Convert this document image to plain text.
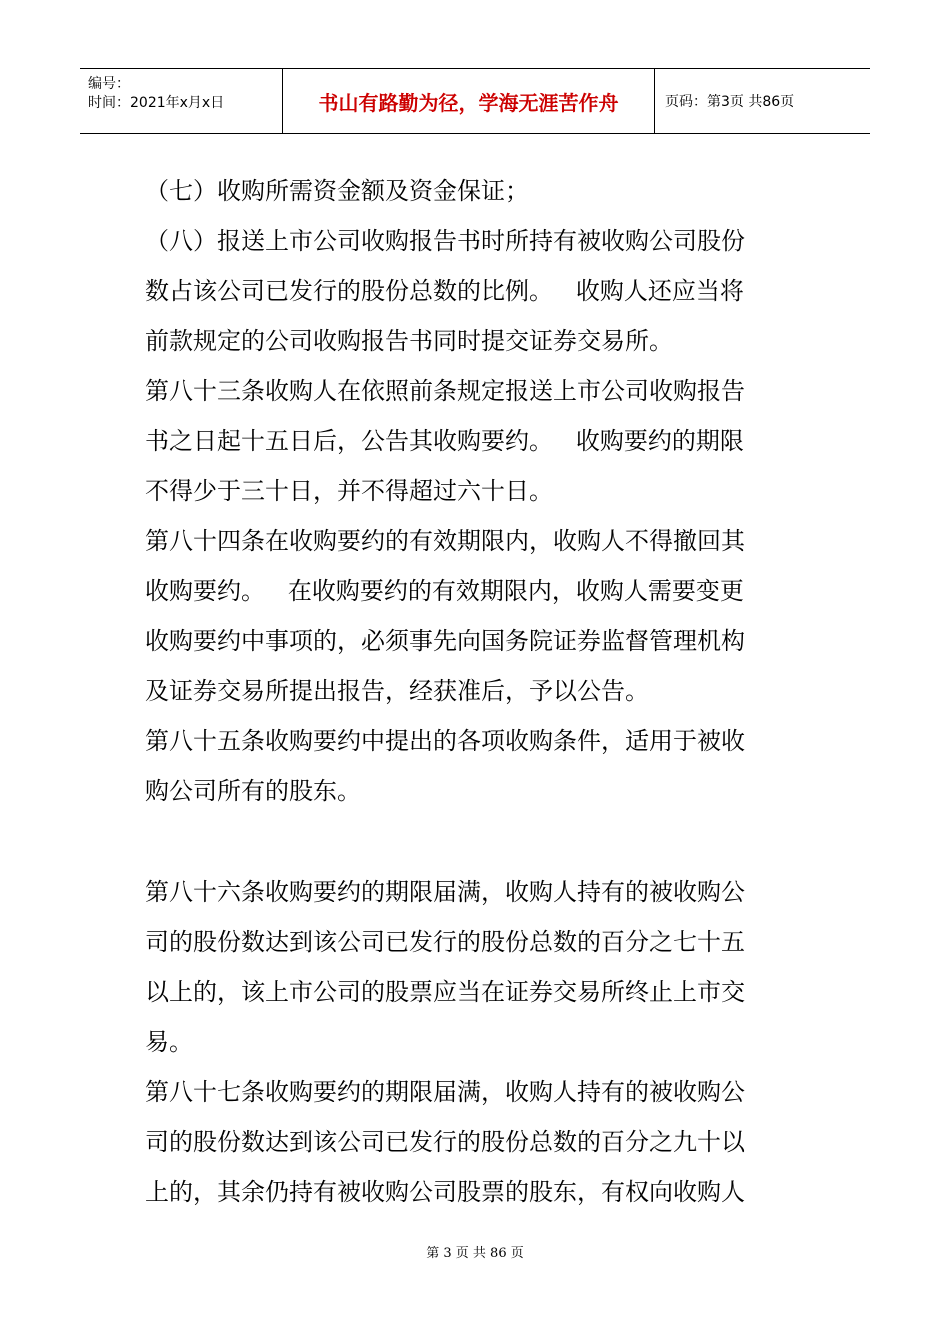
编号：
时间：2021年x月x日	书山有路勤为径，学海无涯苦作舟	页码：第3页 共86页
（七）收购所需资金额及资金保证；
（八）报送上市公司收购报告书时所持有被收购公司股份
数占该公司已发行的股份总数的比例。   收购人还应当将
前款规定的公司收购报告书同时提交证券交易所。
第八十三条收购人在依照前条规定报送上市公司收购报告
书之日起十五日后，公告其收购要约。   收购要约的期限
不得少于三十日，并不得超过六十日。
第八十四条在收购要约的有效期限内，收购人不得撤回其
收购要约。   在收购要约的有效期限内，收购人需要变更
收购要约中事项的，必须事先向国务院证券监督管理机构
及证券交易所提出报告，经获准后，予以公告。
第八十五条收购要约中提出的各项收购条件，适用于被收
购公司所有的股东。
第八十六条收购要约的期限届满，收购人持有的被收购公
司的股份数达到该公司已发行的股份总数的百分之七十五
以上的，该上市公司的股票应当在证券交易所终止上市交
易。
第八十七条收购要约的期限届满，收购人持有的被收购公
司的股份数达到该公司已发行的股份总数的百分之九十以
上的，其余仍持有被收购公司股票的股东，有权向收购人
第 3 页 共 86 页
